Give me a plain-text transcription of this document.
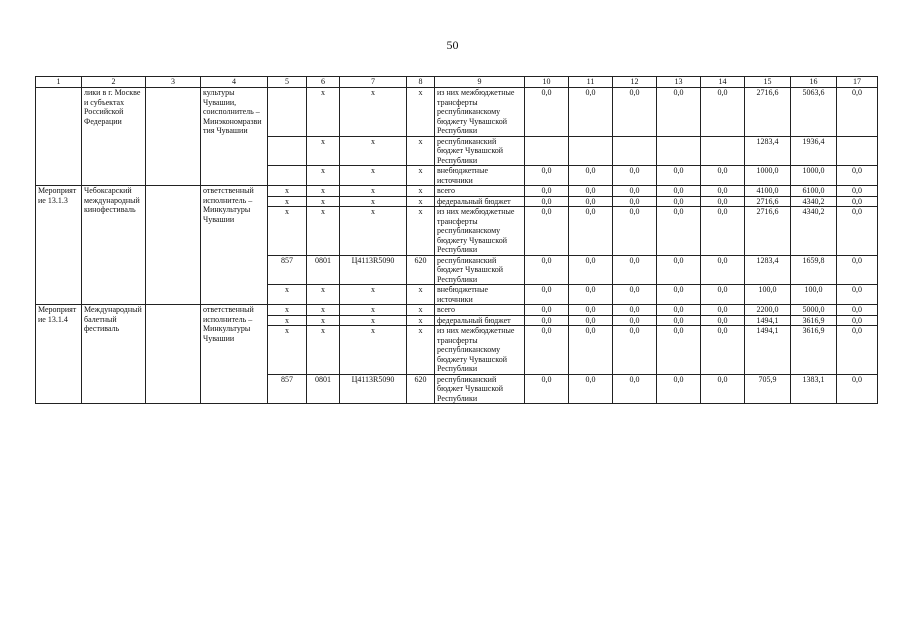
50
1	2	3	4	5	6	7	8	9	10	11	12	13	14	15	16	17
	лики в г. Москве и субъектах Российской Федерации		культуры Чувашии, соисполнитель – Минэкономразвития Чувашии		х	х	х	из них межбюджетные трансферты республиканскому бюджету Чувашской Республики	0,0	0,0	0,0	0,0	0,0	2716,6	5063,6	0,0
					х	х	х	республиканский бюджет Чувашской Республики						1283,4	1936,4	
					х	х	х	внебюджетные источники	0,0	0,0	0,0	0,0	0,0	1000,0	1000,0	0,0
Мероприятие 13.1.3	Чебоксарский международный кинофестиваль		ответственный исполнитель – Минкультуры Чувашии	х	х	х	х	всего	0,0	0,0	0,0	0,0	0,0	4100,0	6100,0	0,0
				х	х	х	х	федеральный бюджет	0,0	0,0	0,0	0,0	0,0	2716,6	4340,2	0,0
				х	х	х	х	из них межбюджетные трансферты республиканскому бюджету Чувашской Республики	0,0	0,0	0,0	0,0	0,0	2716,6	4340,2	0,0
				857	0801	Ц4113R5090	620	республиканский бюджет Чувашской Республики	0,0	0,0	0,0	0,0	0,0	1283,4	1659,8	0,0
				х	х	х	х	внебюджетные источники	0,0	0,0	0,0	0,0	0,0	100,0	100,0	0,0
Мероприятие 13.1.4	Международный балетный фестиваль		ответственный исполнитель – Минкультуры Чувашии	х	х	х	х	всего	0,0	0,0	0,0	0,0	0,0	2200,0	5000,0	0,0
				х	х	х	х	федеральный бюджет	0,0	0,0	0,0	0,0	0,0	1494,1	3616,9	0,0
				х	х	х	х	из них межбюджетные трансферты республиканскому бюджету Чувашской Республики	0,0	0,0	0,0	0,0	0,0	1494,1	3616,9	0,0
				857	0801	Ц4113R5090	620	республиканский бюджет Чувашской Республики	0,0	0,0	0,0	0,0	0,0	705,9	1383,1	0,0
